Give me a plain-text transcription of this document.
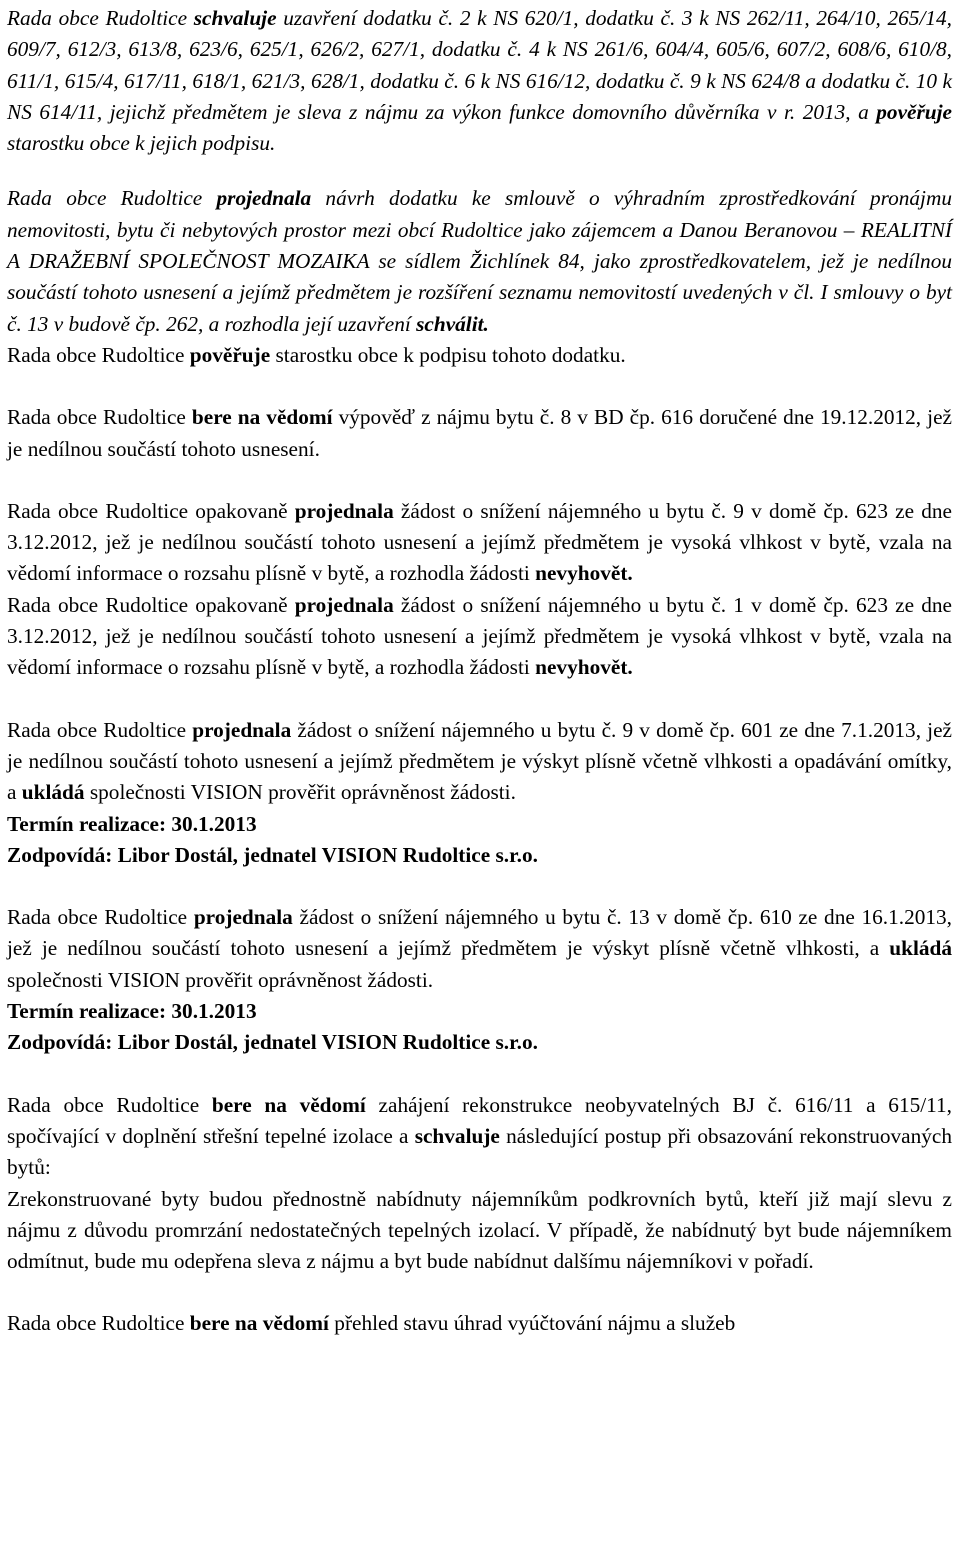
Rada obce Rudoltice schvaluje uzavření dodatku č. 2 k NS 620/1, dodatku č. 3 k NS 262/11, 264/10, 265/14, 609/7, 612/3, 613/8, 623/6, 625/1, 626/2, 627/1, dodatku č. 4 k NS 261/6, 604/4, 605/6, 607/2, 608/6, 610/8, 611/1, 615/4, 617/11, 618/1, 621/3, 628/1, dodatku č. 6 k NS 616/12, dodatku č. 9 k NS 624/8 a dodatku č. 10 k NS 614/11, jejichž předmětem je sleva z nájmu za výkon funkce domovního důvěrníka v r. 2013, a pověřuje starostku obce k jejich podpisu.

Rada obce Rudoltice projednala návrh dodatku ke smlouvě o výhradním zprostředkování pronájmu nemovitosti, bytu či nebytových prostor mezi obcí Rudoltice jako zájemcem a Danou Beranovou – REALITNÍ A DRAŽEBNÍ SPOLEČNOST MOZAIKA se sídlem Žichlínek 84, jako zprostředkovatelem, jež je nedílnou součástí tohoto usnesení a jejímž předmětem je rozšíření seznamu nemovitostí uvedených v čl. I smlouvy o byt č. 13 v budově čp. 262, a rozhodla její uzavření schválit.

Rada obce Rudoltice pověřuje starostku obce k podpisu tohoto dodatku.

Rada obce Rudoltice bere na vědomí výpověď z nájmu bytu č. 8 v BD čp. 616 doručené dne 19.12.2012, jež je nedílnou součástí tohoto usnesení.

Rada obce Rudoltice opakovaně projednala žádost o snížení nájemného u bytu č. 9 v domě čp. 623 ze dne 3.12.2012, jež je nedílnou součástí tohoto usnesení a jejímž předmětem je vysoká vlhkost v bytě, vzala na vědomí informace o rozsahu plísně v bytě, a rozhodla žádosti nevyhovět.

Rada obce Rudoltice opakovaně projednala žádost o snížení nájemného u bytu č. 1 v domě čp. 623 ze dne 3.12.2012, jež je nedílnou součástí tohoto usnesení a jejímž předmětem je vysoká vlhkost v bytě, vzala na vědomí informace o rozsahu plísně v bytě, a rozhodla žádosti nevyhovět.

Rada obce Rudoltice projednala žádost o snížení nájemného u bytu č. 9 v domě čp. 601 ze dne 7.1.2013, jež je nedílnou součástí tohoto usnesení a jejímž předmětem je výskyt plísně včetně vlhkosti a opadávání omítky, a ukládá společnosti VISION prověřit oprávněnost žádosti.

Termín realizace: 30.1.2013

Zodpovídá: Libor Dostál, jednatel VISION Rudoltice s.r.o.

Rada obce Rudoltice projednala žádost o snížení nájemného u bytu č. 13 v domě čp. 610 ze dne 16.1.2013, jež je nedílnou součástí tohoto usnesení a jejímž předmětem je výskyt plísně včetně vlhkosti, a ukládá společnosti VISION prověřit oprávněnost žádosti.

Termín realizace: 30.1.2013

Zodpovídá: Libor Dostál, jednatel VISION Rudoltice s.r.o.

Rada obce Rudoltice bere na vědomí zahájení rekonstrukce neobyvatelných BJ č. 616/11 a 615/11, spočívající v doplnění střešní tepelné izolace a schvaluje následující postup při obsazování rekonstruovaných bytů:

Zrekonstruované byty budou přednostně nabídnuty nájemníkům podkrovních bytů, kteří již mají slevu z nájmu z důvodu promrzání nedostatečných tepelných izolací. V případě, že nabídnutý byt bude nájemníkem odmítnut, bude mu odepřena sleva z nájmu a byt bude nabídnut dalšímu nájemníkovi v pořadí.

Rada obce Rudoltice bere na vědomí přehled stavu úhrad vyúčtování nájmu a služeb
